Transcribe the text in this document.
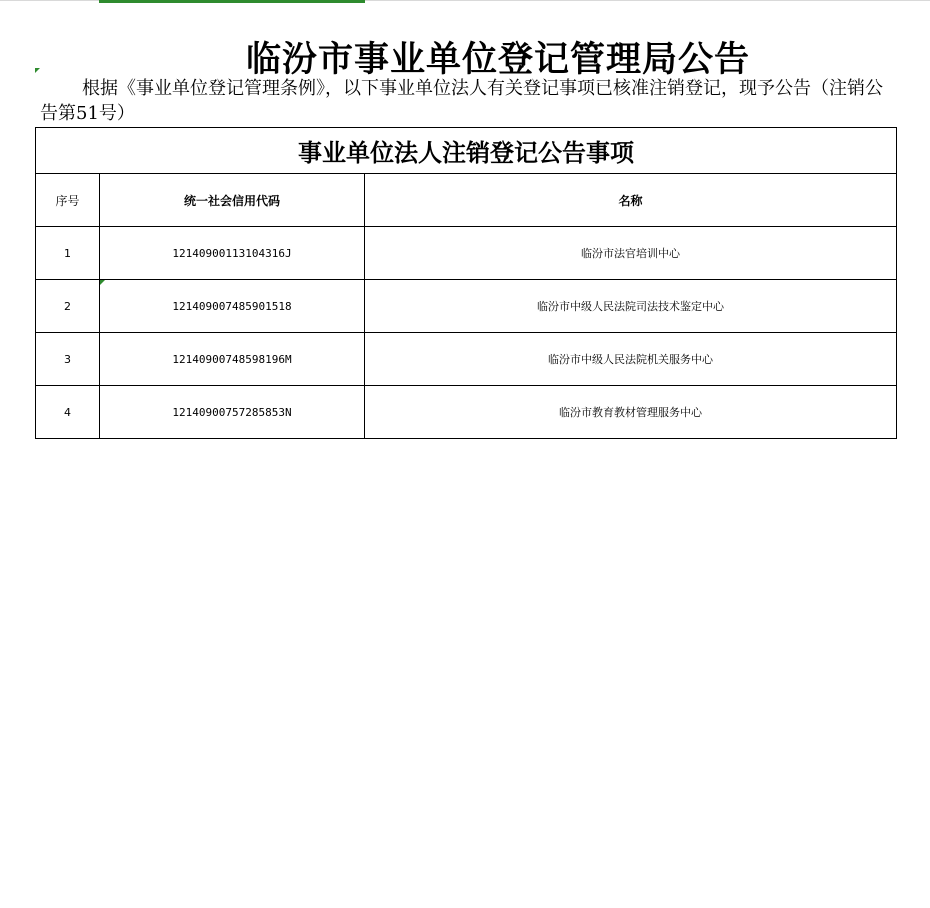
临汾市事业单位登记管理局公告

根据《事业单位登记管理条例》，以下事业单位法人有关登记事项已核准注销登记，现予公告（注销公告第51号）

事业单位法人注销登记公告事项		
序号	统一社会信用代码	名称
1	12140900113104316J	临汾市法官培训中心
2	121409007485901518	临汾市中级人民法院司法技术鉴定中心
3	12140900748598196M	临汾市中级人民法院机关服务中心
4	12140900757285853N	临汾市教育教材管理服务中心
